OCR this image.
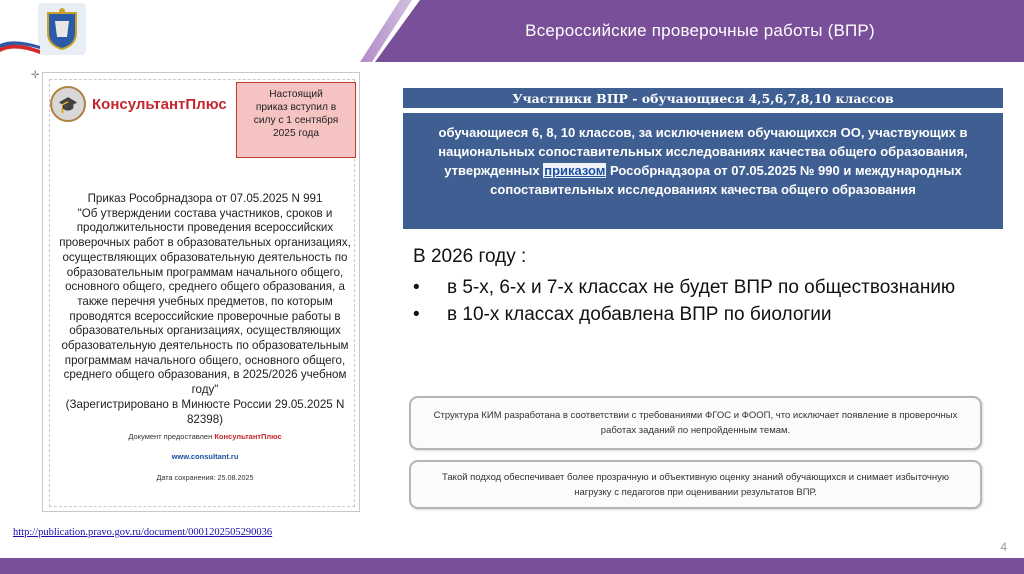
Всероссийские проверочные работы (ВПР)
✛
🎓 КонсультантПлюс
Настоящий
приказ вступил в
силу с 1 сентября
2025 года
Приказ Рособрнадзора от 07.05.2025 N 991
"Об утверждении состава участников, сроков и
продолжительности проведения всероссийских
проверочных работ в образовательных организациях,
осуществляющих образовательную деятельность по
образовательным программам начального общего,
основного общего, среднего общего образования, а
также перечня учебных предметов, по которым
проводятся всероссийские проверочные работы в
образовательных организациях, осуществляющих
образовательную деятельность по образовательным
программам начального общего, основного общего,
среднего общего образования, в 2025/2026 учебном
году"
(Зарегистрировано в Минюсте России 29.05.2025 N
82398)
Документ предоставлен КонсультантПлюс
www.consultant.ru
Дата сохранения: 25.08.2025
Участники ВПР - обучающиеся 4,5,6,7,8,10 классов
обучающиеся 6, 8, 10 классов, за исключением обучающихся ОО, участвующих в национальных сопоставительных исследованиях качества общего образования, утвержденных приказом Рособрнадзора от 07.05.2025 № 990 и международных сопоставительных исследованиях качества общего образования
В 2026 году :
•	в 5-х, 6-х и 7-х классах не будет ВПР по обществознанию
•	в 10-х классах добавлена ВПР по биологии
Структура КИМ разработана в соответствии с требованиями ФГОС и ФООП, что исключает появление в проверочных работах заданий по непройденным темам.
Такой подход обеспечивает более прозрачную и объективную оценку знаний обучающихся и снимает избыточную нагрузку с педагогов при оценивании результатов ВПР.
http://publication.pravo.gov.ru/document/0001202505290036
4
